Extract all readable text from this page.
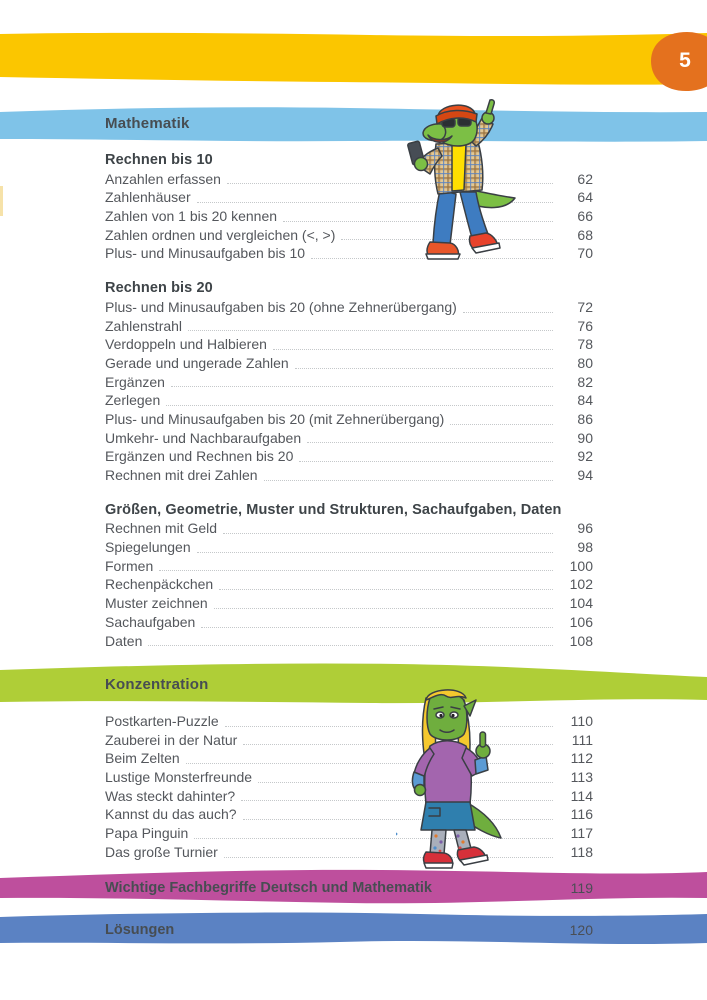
5
Mathematik
Konzentration
Rechnen bis 10
Anzahlen erfassen	62
Zahlenhäuser	64
Zahlen von 1 bis 20 kennen	66
Zahlen ordnen und vergleichen (<, >)	68
Plus- und Minusaufgaben bis 10	70
Rechnen bis 20
Plus- und Minusaufgaben bis 20 (ohne Zehnerübergang)	72
Zahlenstrahl	76
Verdoppeln und Halbieren	78
Gerade und ungerade Zahlen	80
Ergänzen	82
Zerlegen	84
Plus- und Minusaufgaben bis 20 (mit Zehnerübergang)	86
Umkehr- und Nachbaraufgaben	90
Ergänzen und Rechnen bis 20	92
Rechnen mit drei Zahlen	94
Größen, Geometrie, Muster und Strukturen, Sachaufgaben, Daten
Rechnen mit Geld	96
Spiegelungen	98
Formen	100
Rechenpäckchen	102
Muster zeichnen	104
Sachaufgaben	106
Daten	108
Postkarten-Puzzle	110
Zauberei in der Natur	111
Beim Zelten	112
Lustige Monsterfreunde	113
Was steckt dahinter?	114
Kannst du das auch?	116
Papa Pinguin	117
Das große Turnier	118
Wichtige Fachbegriffe Deutsch und Mathematik	119
Lösungen	120
